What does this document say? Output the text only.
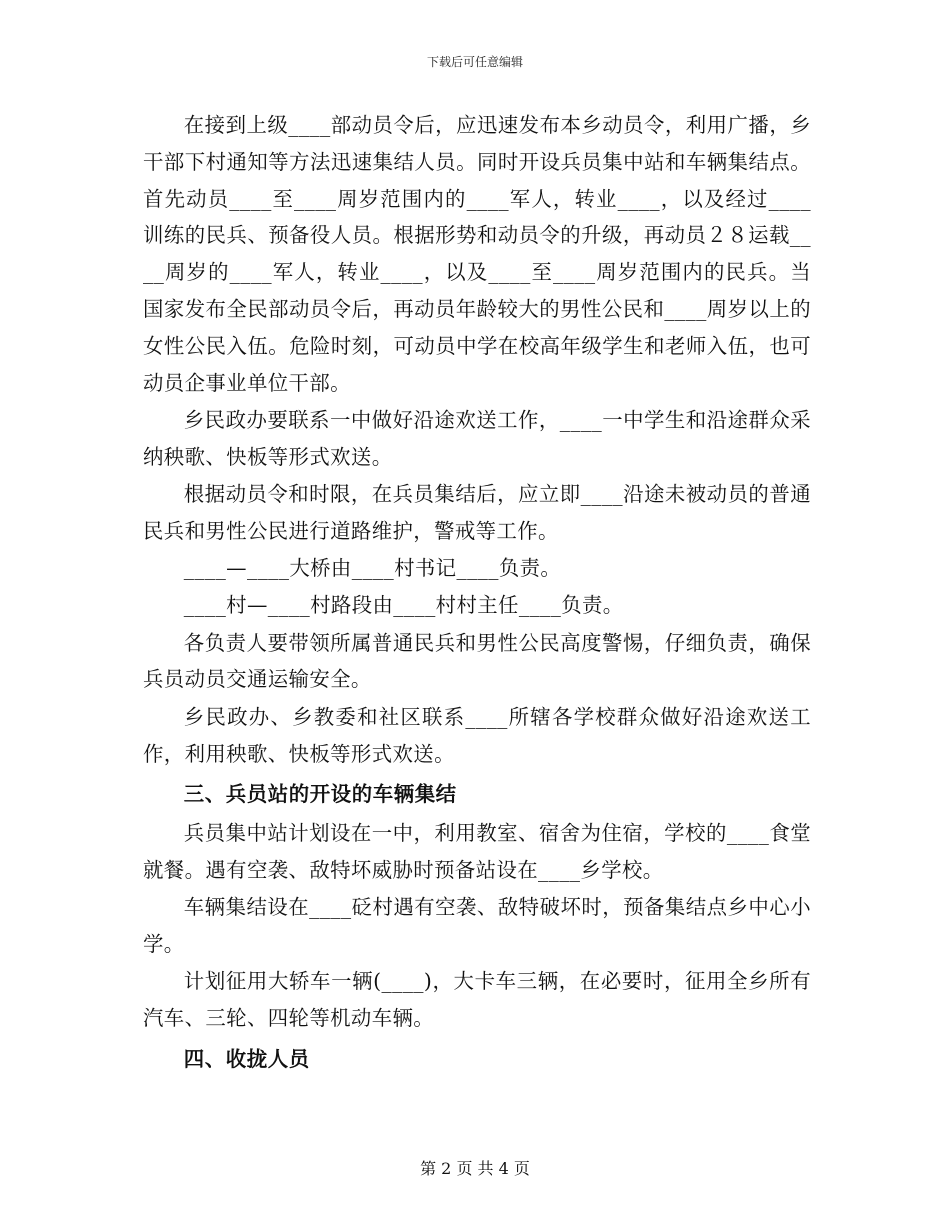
下载后可任意编辑

在接到上级____部动员令后，应迅速发布本乡动员令，利用广播，乡干部下村通知等方法迅速集结人员。同时开设兵员集中站和车辆集结点。首先动员____至____周岁范围内的____军人，转业____，以及经过____训练的民兵、预备役人员。根据形势和动员令的升级，再动员２８运载____周岁的____军人，转业____，以及____至____周岁范围内的民兵。当国家发布全民部动员令后，再动员年龄较大的男性公民和____周岁以上的女性公民入伍。危险时刻，可动员中学在校高年级学生和老师入伍，也可动员企事业单位干部。

乡民政办要联系一中做好沿途欢送工作，____一中学生和沿途群众采纳秧歌、快板等形式欢送。

根据动员令和时限，在兵员集结后，应立即____沿途未被动员的普通民兵和男性公民进行道路维护，警戒等工作。

____—____大桥由____村书记____负责。

____村—____村路段由____村村主任____负责。

各负责人要带领所属普通民兵和男性公民高度警惕，仔细负责，确保兵员动员交通运输安全。

乡民政办、乡教委和社区联系____所辖各学校群众做好沿途欢送工作，利用秧歌、快板等形式欢送。

三、兵员站的开设的车辆集结

兵员集中站计划设在一中，利用教室、宿舍为住宿，学校的____食堂就餐。遇有空袭、敌特坏威胁时预备站设在____乡学校。

车辆集结设在____砭村遇有空袭、敌特破坏时，预备集结点乡中心小学。

计划征用大轿车一辆(____)，大卡车三辆，在必要时，征用全乡所有汽车、三轮、四轮等机动车辆。

四、收拢人员

第 2 页 共 4 页
